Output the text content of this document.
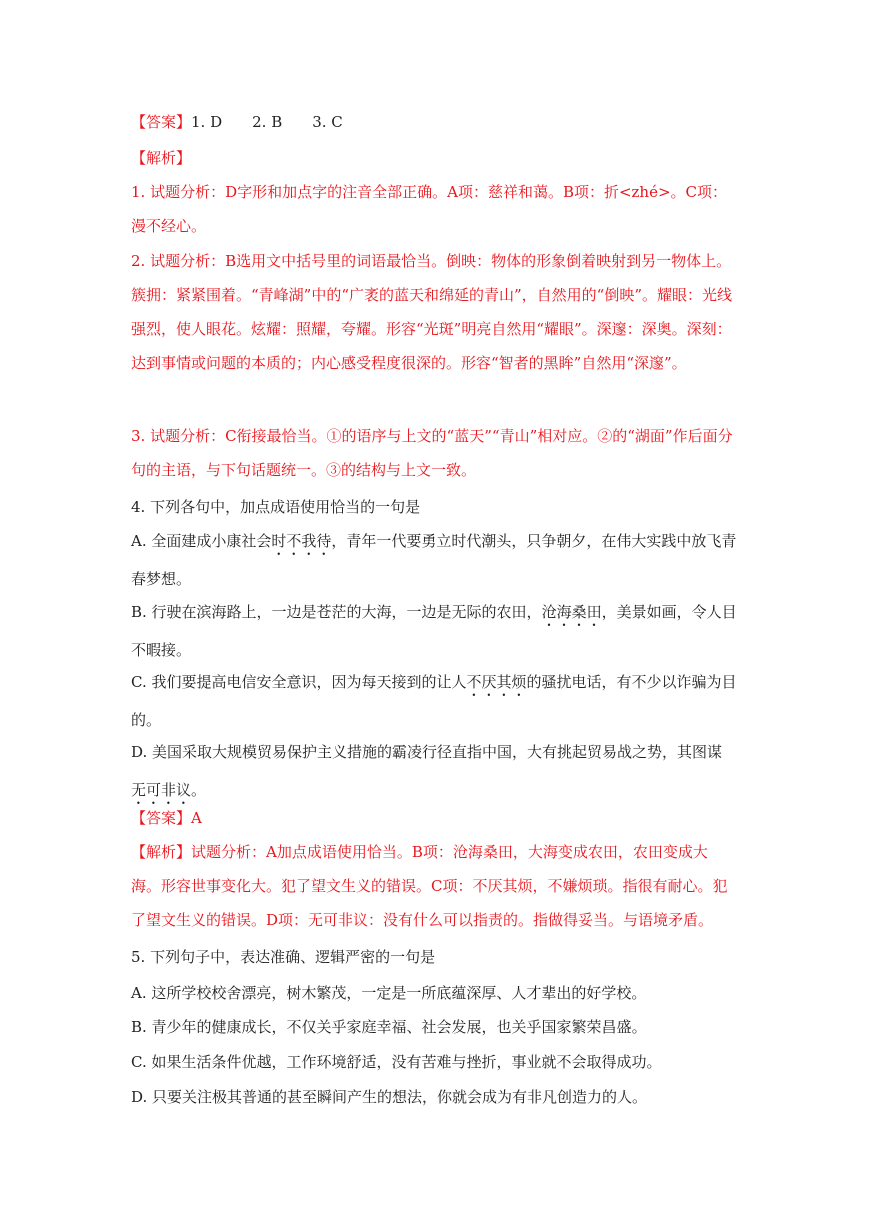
【答案】1. D　　2. B　　3. C

【解析】

1. 试题分析：D字形和加点字的注音全部正确。A项：慈祥和蔼。B项：折<zhé>。C项：漫不经心。

2. 试题分析：B选用文中括号里的词语最恰当。倒映：物体的形象倒着映射到另一物体上。簇拥：紧紧围着。“青峰湖”中的“广袤的蓝天和绵延的青山”，自然用的“倒映”。耀眼：光线强烈，使人眼花。炫耀：照耀，夸耀。形容“光斑”明亮自然用“耀眼”。深邃：深奥。深刻：达到事情或问题的本质的；内心感受程度很深的。形容“智者的黑眸”自然用“深邃”。

3. 试题分析：C衔接最恰当。①的语序与上文的“蓝天”“青山”相对应。②的“湖面”作后面分句的主语，与下句话题统一。③的结构与上文一致。

4. 下列各句中，加点成语使用恰当的一句是

A. 全面建成小康社会时不我待，青年一代要勇立时代潮头，只争朝夕，在伟大实践中放飞青春梦想。

B. 行驶在滨海路上，一边是苍茫的大海，一边是无际的农田，沧海桑田，美景如画，令人目不暇接。

C. 我们要提高电信安全意识，因为每天接到的让人不厌其烦的骚扰电话，有不少以诈骗为目的。

D. 美国采取大规模贸易保护主义措施的霸凌行径直指中国，大有挑起贸易战之势，其图谋无可非议。

【答案】A

【解析】试题分析：A加点成语使用恰当。B项：沧海桑田，大海变成农田，农田变成大海。形容世事变化大。犯了望文生义的错误。C项：不厌其烦，不嫌烦琐。指很有耐心。犯了望文生义的错误。D项：无可非议：没有什么可以指责的。指做得妥当。与语境矛盾。

5. 下列句子中，表达准确、逻辑严密的一句是

A. 这所学校校舍漂亮，树木繁茂，一定是一所底蕴深厚、人才辈出的好学校。

B. 青少年的健康成长，不仅关乎家庭幸福、社会发展，也关乎国家繁荣昌盛。

C. 如果生活条件优越，工作环境舒适，没有苦难与挫折，事业就不会取得成功。

D. 只要关注极其普通的甚至瞬间产生的想法，你就会成为有非凡创造力的人。
